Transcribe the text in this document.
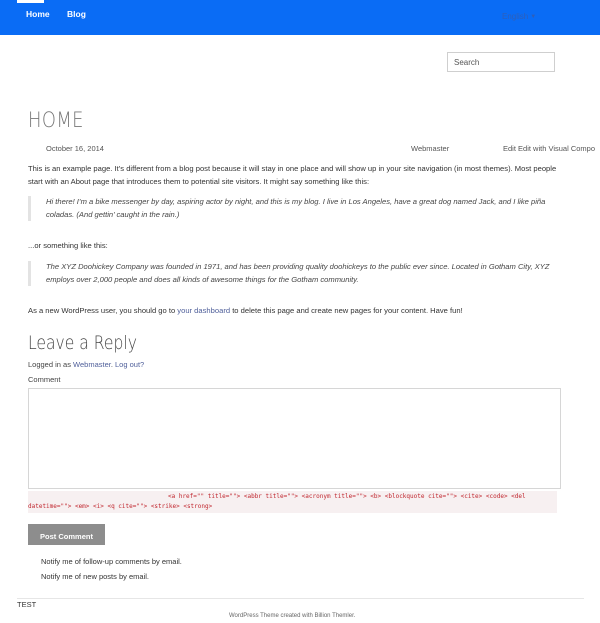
Home Blog	English ▼
Search
HOME
October 16, 2014	Webmaster	Edit Edit with Visual Compo

This is an example page. It’s different from a blog post because it will stay in one place and will show up in your site navigation (in most themes). Most people start with an About page that introduces them to potential site visitors. It might say something like this:

Hi there! I’m a bike messenger by day, aspiring actor by night, and this is my blog. I live in Los Angeles, have a great dog named Jack, and I like piña coladas. (And gettin’ caught in the rain.)

...or something like this:

The XYZ Doohickey Company was founded in 1971, and has been providing quality doohickeys to the public ever since. Located in Gotham City, XYZ employs over 2,000 people and does all kinds of awesome things for the Gotham community.

As a new WordPress user, you should go to your dashboard to delete this page and create new pages for your content. Have fun!

Leave a Reply
Logged in as Webmaster. Log out?
Comment
<a href="" title=""> <abbr title=""> <acronym title=""> <b> <blockquote cite=""> <cite> <code> <del
datetime=""> <em> <i> <q cite=""> <strike> <strong>
Post Comment
Notify me of follow-up comments by email.
Notify me of new posts by email.
TEST
WordPress Theme created with Billion Themler.
